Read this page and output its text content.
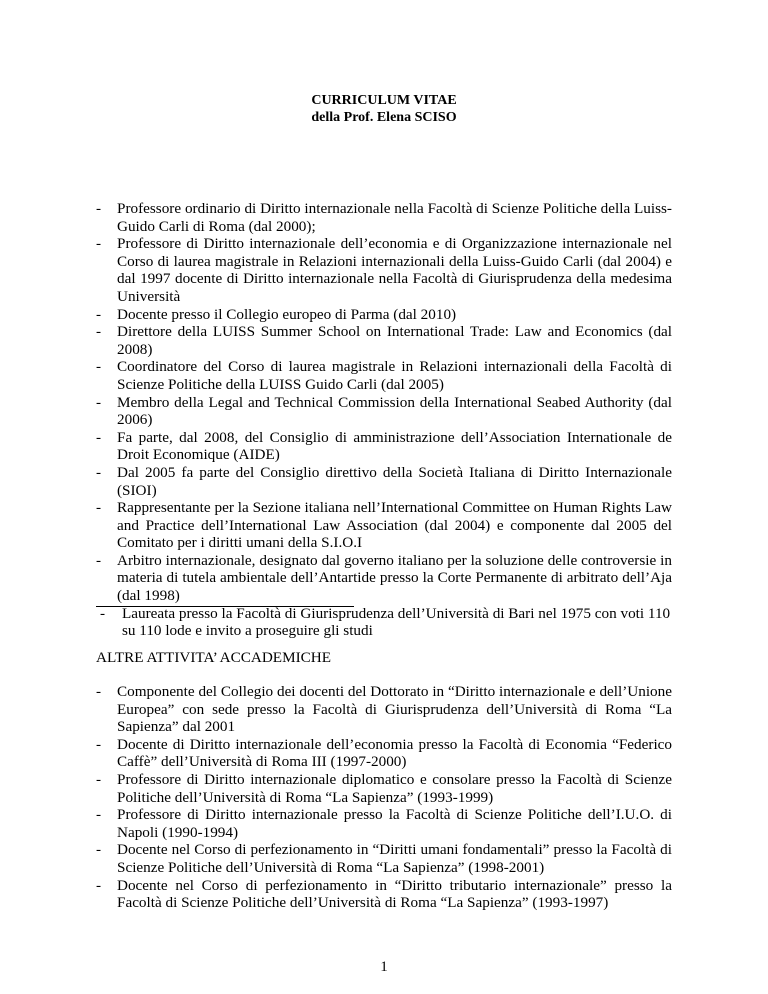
CURRICULUM VITAE
della Prof. Elena SCISO
- Professore ordinario di Diritto internazionale nella Facoltà di Scienze Politiche della Luiss-Guido Carli di Roma (dal 2000);
- Professore di Diritto internazionale dell’economia e di Organizzazione internazionale nel Corso di laurea magistrale in Relazioni internazionali della Luiss-Guido Carli (dal 2004) e dal 1997 docente di Diritto internazionale nella Facoltà di Giurisprudenza della medesima Università
- Docente presso il Collegio europeo di Parma (dal 2010)
- Direttore della LUISS Summer School on International Trade: Law and Economics (dal 2008)
- Coordinatore del Corso di laurea magistrale in Relazioni internazionali della Facoltà di Scienze Politiche della LUISS Guido Carli (dal 2005)
- Membro della Legal and Technical Commission della International Seabed Authority (dal 2006)
- Fa parte, dal 2008, del Consiglio di amministrazione dell’Association Internationale de Droit Economique (AIDE)
- Dal 2005 fa parte del Consiglio direttivo della Società Italiana di Diritto Internazionale (SIOI)
- Rappresentante per la Sezione italiana nell’International Committee on Human Rights Law and Practice dell’International Law Association (dal 2004) e componente dal 2005 del Comitato per i diritti umani della S.I.O.I
- Arbitro internazionale, designato dal governo italiano per la soluzione delle controversie in materia di tutela ambientale dell’Antartide presso la Corte Permanente di arbitrato dell’Aja (dal 1998)
- Laureata presso la Facoltà di Giurisprudenza dell’Università di Bari nel 1975 con voti 110
su 110 lode e invito a proseguire gli studi
ALTRE ATTIVITA’ ACCADEMICHE
- Componente del Collegio dei docenti del Dottorato in “Diritto internazionale e dell’Unione Europea” con sede presso la Facoltà di Giurisprudenza dell’Università di Roma “La Sapienza” dal 2001
- Docente di Diritto internazionale dell’economia presso la Facoltà di Economia “Federico Caffè” dell’Università di Roma III (1997-2000)
- Professore di Diritto internazionale diplomatico e consolare presso la Facoltà di Scienze Politiche dell’Università di Roma “La Sapienza” (1993-1999)
- Professore di Diritto internazionale presso la Facoltà di Scienze Politiche dell’I.U.O. di Napoli (1990-1994)
- Docente nel Corso di perfezionamento in “Diritti umani fondamentali” presso la Facoltà di Scienze Politiche dell’Università di Roma “La Sapienza” (1998-2001)
- Docente nel Corso di perfezionamento in “Diritto tributario internazionale” presso la Facoltà di Scienze Politiche dell’Università di Roma “La Sapienza” (1993-1997)
1
